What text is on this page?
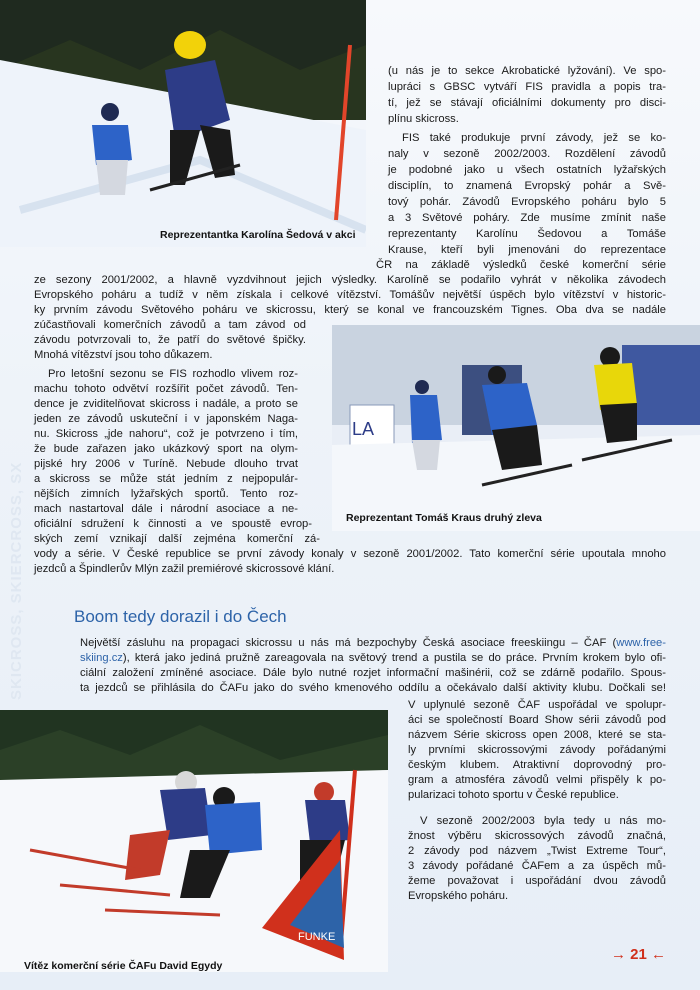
SKICROSS, SKIERCROSS, SX
Reprezentantka Karolína Šedová v akci

(u nás je to sekce Akrobatické lyžování). Ve spo-

lupráci s GBSC vytváří FIS pravidla a popis tra-

tí, jež se stávají oficiálními dokumenty pro disci-

plínu skicross.

FIS také produkuje první závody, jež se ko-

naly v sezoně 2002/2003. Rozdělení závodů

je podobné jako u všech ostatních lyžařských

disciplín, to znamená Evropský pohár a Svě-

tový pohár. Závodů Evropského poháru bylo 5

a 3 Světové poháry. Zde musíme zmínit naše

reprezentanty Karolínu Šedovou a Tomáše

Krause, kteří byli jmenováni do reprezentace

ČR na základě výsledků české komerční série

ze sezony 2001/2002, a hlavně vyzdvihnout jejich výsledky. Karolíně se podařilo vyhrát v několika závodech

Evropského poháru a tudíž v něm získala i celkové vítězství. Tomášův největší úspěch bylo vítězství v historic-

ky prvním závodu Světového poháru ve skicrossu, který se konal ve francouzském Tignes. Oba dva se nadále

LA
Reprezentant Tomáš Kraus druhý zleva

zúčastňovali komerčních závodů a tam závod od

závodu potvrzovali to, že patří do světové špičky.

Mnohá vítězství jsou toho důkazem.

Pro letošní sezonu se FIS rozhodlo vlivem roz-

machu tohoto odvětví rozšířit počet závodů. Ten-

dence je zviditelňovat skicross i nadále, a proto se

jeden ze závodů uskuteční i v japonském Naga-

nu. Skicross „jde nahoru“, což je potvrzeno i tím,

že bude zařazen jako ukázkový sport na olym-

pijské hry 2006 v Turíně. Nebude dlouho trvat

a skicross se může stát jedním z nejpopulár-

nějších zimních lyžařských sportů. Tento roz-

mach nastartoval dále i národní asociace a ne-

oficiální sdružení k činnosti a ve spoustě evrop-

ských zemí vznikají další zejména komerční zá-

vody a série. V České republice se první závody konaly v sezoně 2001/2002. Tato komerční série upoutala mnoho

jezdců a Špindlerův Mlýn zažil premiérové skicrossové klání.

Boom tedy dorazil i do Čech

Největší zásluhu na propagaci skicrossu u nás má bezpochyby Česká asociace freeskiingu – ČAF (www.free-

skiing.cz), která jako jediná pružně zareagovala na světový trend a pustila se do práce. Prvním krokem bylo ofi-

ciální založení zmíněné asociace. Dále bylo nutné rozjet informační mašinérii, což se zdárně podařilo. Spous-

ta jezdců se přihlásila do ČAFu jako do svého kmenového oddílu a očekávalo další aktivity klubu. Dočkali se!

FUNKE
Vítěz komerční série ČAFu David Egydy

V uplynulé sezoně ČAF uspořádal ve spolupr-

áci se společností Board Show sérii závodů pod

názvem Série skicross open 2008, které se sta-

ly prvními skicrossovými závody pořádanými

českým klubem. Atraktivní doprovodný pro-

gram a atmosféra závodů velmi přispěly k po-

pularizaci tohoto sportu v České republice.

V sezoně 2002/2003 byla tedy u nás mo-

žnost výběru skicrossových závodů značná,

2 závody pod názvem „Twist Extreme Tour“,

3 závody pořádané ČAFem a za úspěch mů-

žeme považovat i uspořádání dvou závodů

Evropského poháru.

→ 21 ←
